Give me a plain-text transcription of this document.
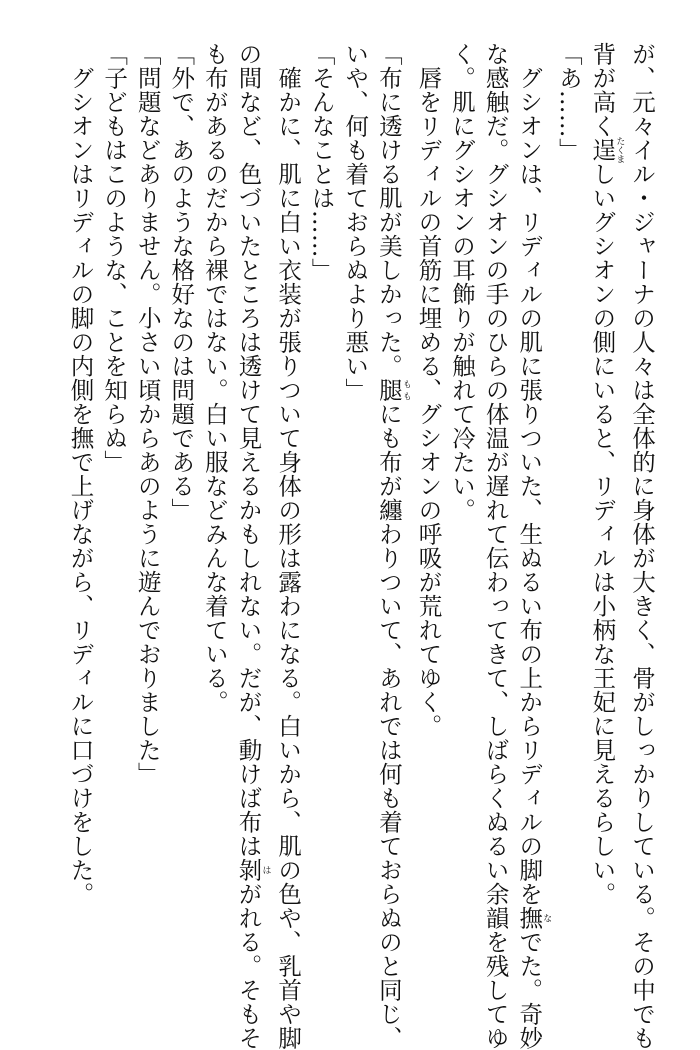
が、元々イル・ジャーナの人々は全体的に身体が大きく、骨がしっかりしている。その中でも
背が高く逞たくましいグシオンの側にいると、リディルは小柄な王妃に見えるらしい。
「あ……」
　グシオンは、リディルの肌に張りついた、生ぬるい布の上からリディルの脚を撫なでた。奇妙
な感触だ。グシオンの手のひらの体温が遅れて伝わってきて、しばらくぬるい余韻を残してゆ
く。肌にグシオンの耳飾りが触れて冷たい。
　唇をリディルの首筋に埋める、グシオンの呼吸が荒れてゆく。
「布に透ける肌が美しかった。腿ももにも布が纏わりついて、あれでは何も着ておらぬのと同じ、
いや、何も着ておらぬより悪い」
「そんなことは……」
　確かに、肌に白い衣装が張りついて身体の形は露わになる。白いから、肌の色や、乳首や脚
の間など、色づいたところは透けて見えるかもしれない。だが、動けば布は剝はがれる。そもそ
も布があるのだから裸ではない。白い服などみんな着ている。
「外で、あのような格好なのは問題である」
「問題などありません。小さい頃からあのように遊んでおりました」
「子どもはこのような、ことを知らぬ」
　グシオンはリディルの脚の内側を撫で上げながら、リディルに口づけをした。
